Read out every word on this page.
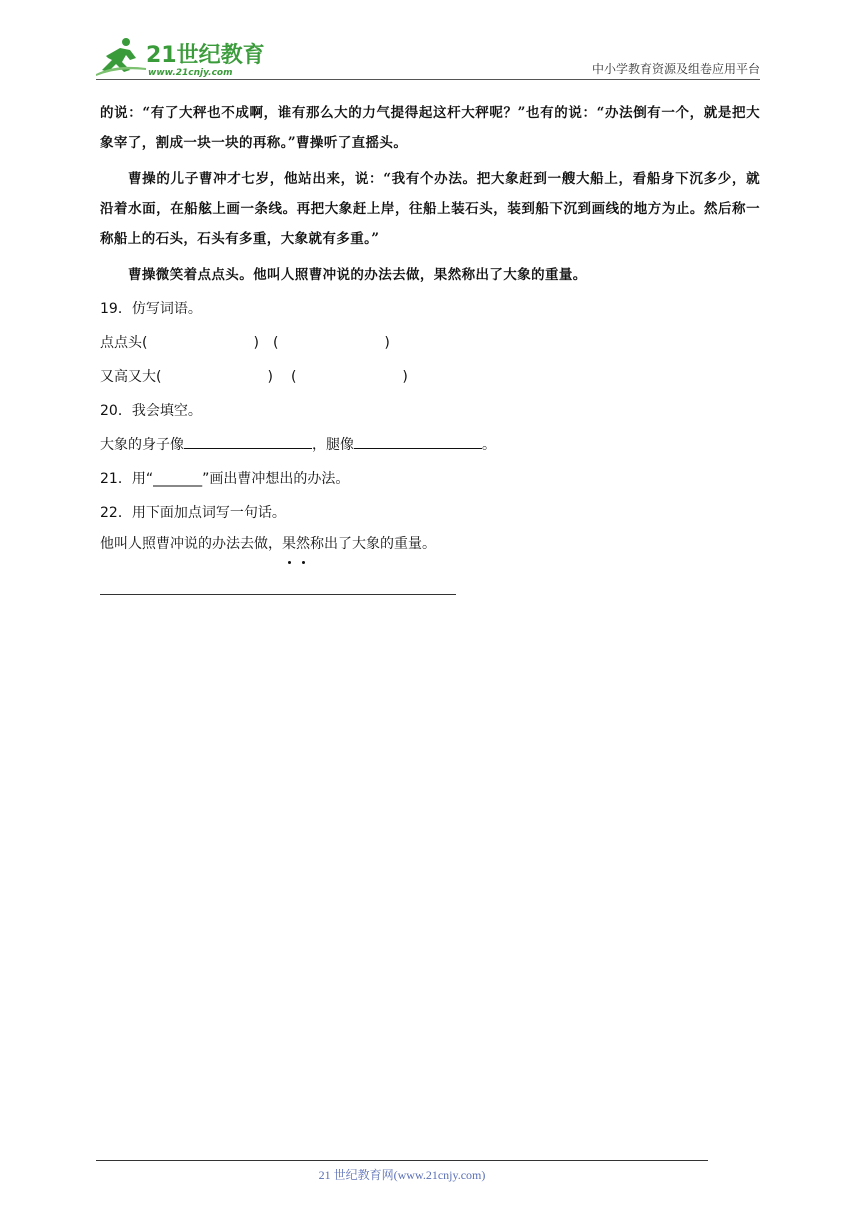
21世纪教育
www.21cnjy.com	中小学教育资源及组卷应用平台

的说：“有了大秤也不成啊，谁有那么大的力气提得起这杆大秤呢？”也有的说：“办法倒有一个，就是把大象宰了，割成一块一块的再称。”曹操听了直摇头。

曹操的儿子曹冲才七岁，他站出来，说：“我有个办法。把大象赶到一艘大船上，看船身下沉多少，就沿着水面，在船舷上画一条线。再把大象赶上岸，往船上装石头，装到船下沉到画线的地方为止。然后称一称船上的石头，石头有多重，大象就有多重。”

曹操微笑着点点头。他叫人照曹冲说的办法去做，果然称出了大象的重量。

19．仿写词语。
点点头(	) (	)
又高又大(	) (	)
20．我会填空。
大象的身子像	，腿像	。
21．用“_______”画出曹冲想出的办法。
22．用下面加点词写一句话。
他叫人照曹冲说的办法去做，果然称出了大象的重量。
21 世纪教育网(www.21cnjy.com)
